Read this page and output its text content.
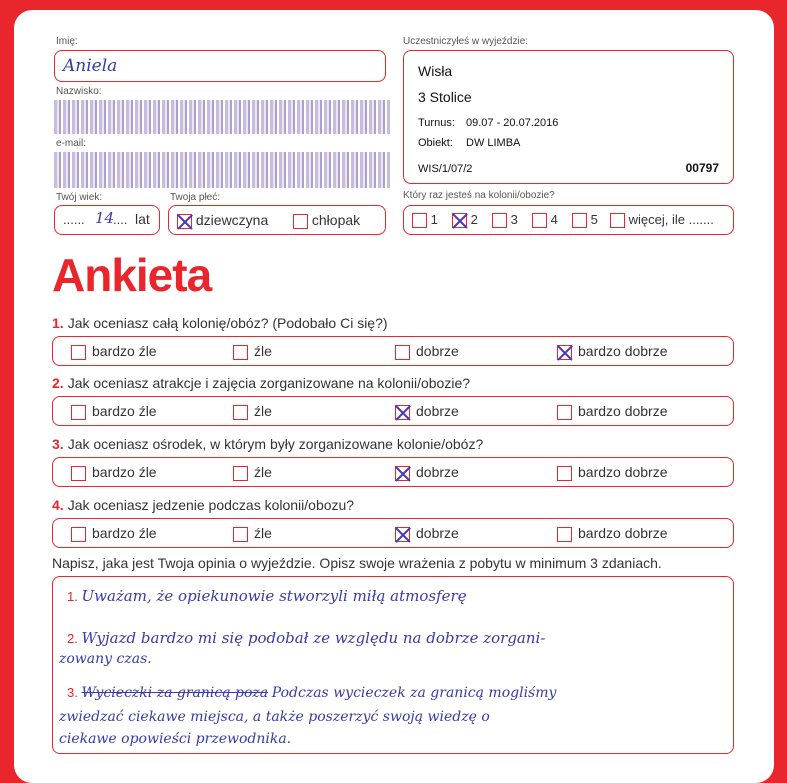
Imię:
Aniela
Nazwisko:
e-mail:
Twój wiek:
...... 14
.... lat
Twoja płeć:
dziewczyna	chłopak
Uczestniczyłeś w wyjeździe:
Wisła
3 Stolice
Turnus: 09.07 - 20.07.2016
Obiekt: DW LIMBA
WIS/1/07/2	00797
Który raz jesteś na kolonii/obozie?
1	2	3	4	5	więcej, ile .......
Ankieta
1. Jak oceniasz całą kolonię/obóz? (Podobało Ci się?)
bardzo źle	źle	dobrze	bardzo dobrze
2. Jak oceniasz atrakcje i zajęcia zorganizowane na kolonii/obozie?
bardzo źle	źle	dobrze	bardzo dobrze
3. Jak oceniasz ośrodek, w którym były zorganizowane kolonie/obóz?
bardzo źle	źle	dobrze	bardzo dobrze
4. Jak oceniasz jedzenie podczas kolonii/obozu?
bardzo źle	źle	dobrze	bardzo dobrze
Napisz, jaka jest Twoja opinia o wyjeździe. Opisz swoje wrażenia z pobytu w minimum 3 zdaniach.
1. Uważam, że opiekunowie stworzyli miłą atmosferę
2. Wyjazd bardzo mi się podobał ze względu na dobrze zorgani-
zowany czas.
3. Wycieczki za granicą poza Podczas wycieczek za granicą mogliśmy
zwiedzać ciekawe miejsca, a także poszerzyć swoją wiedzę o
ciekawe opowieści przewodnika.
